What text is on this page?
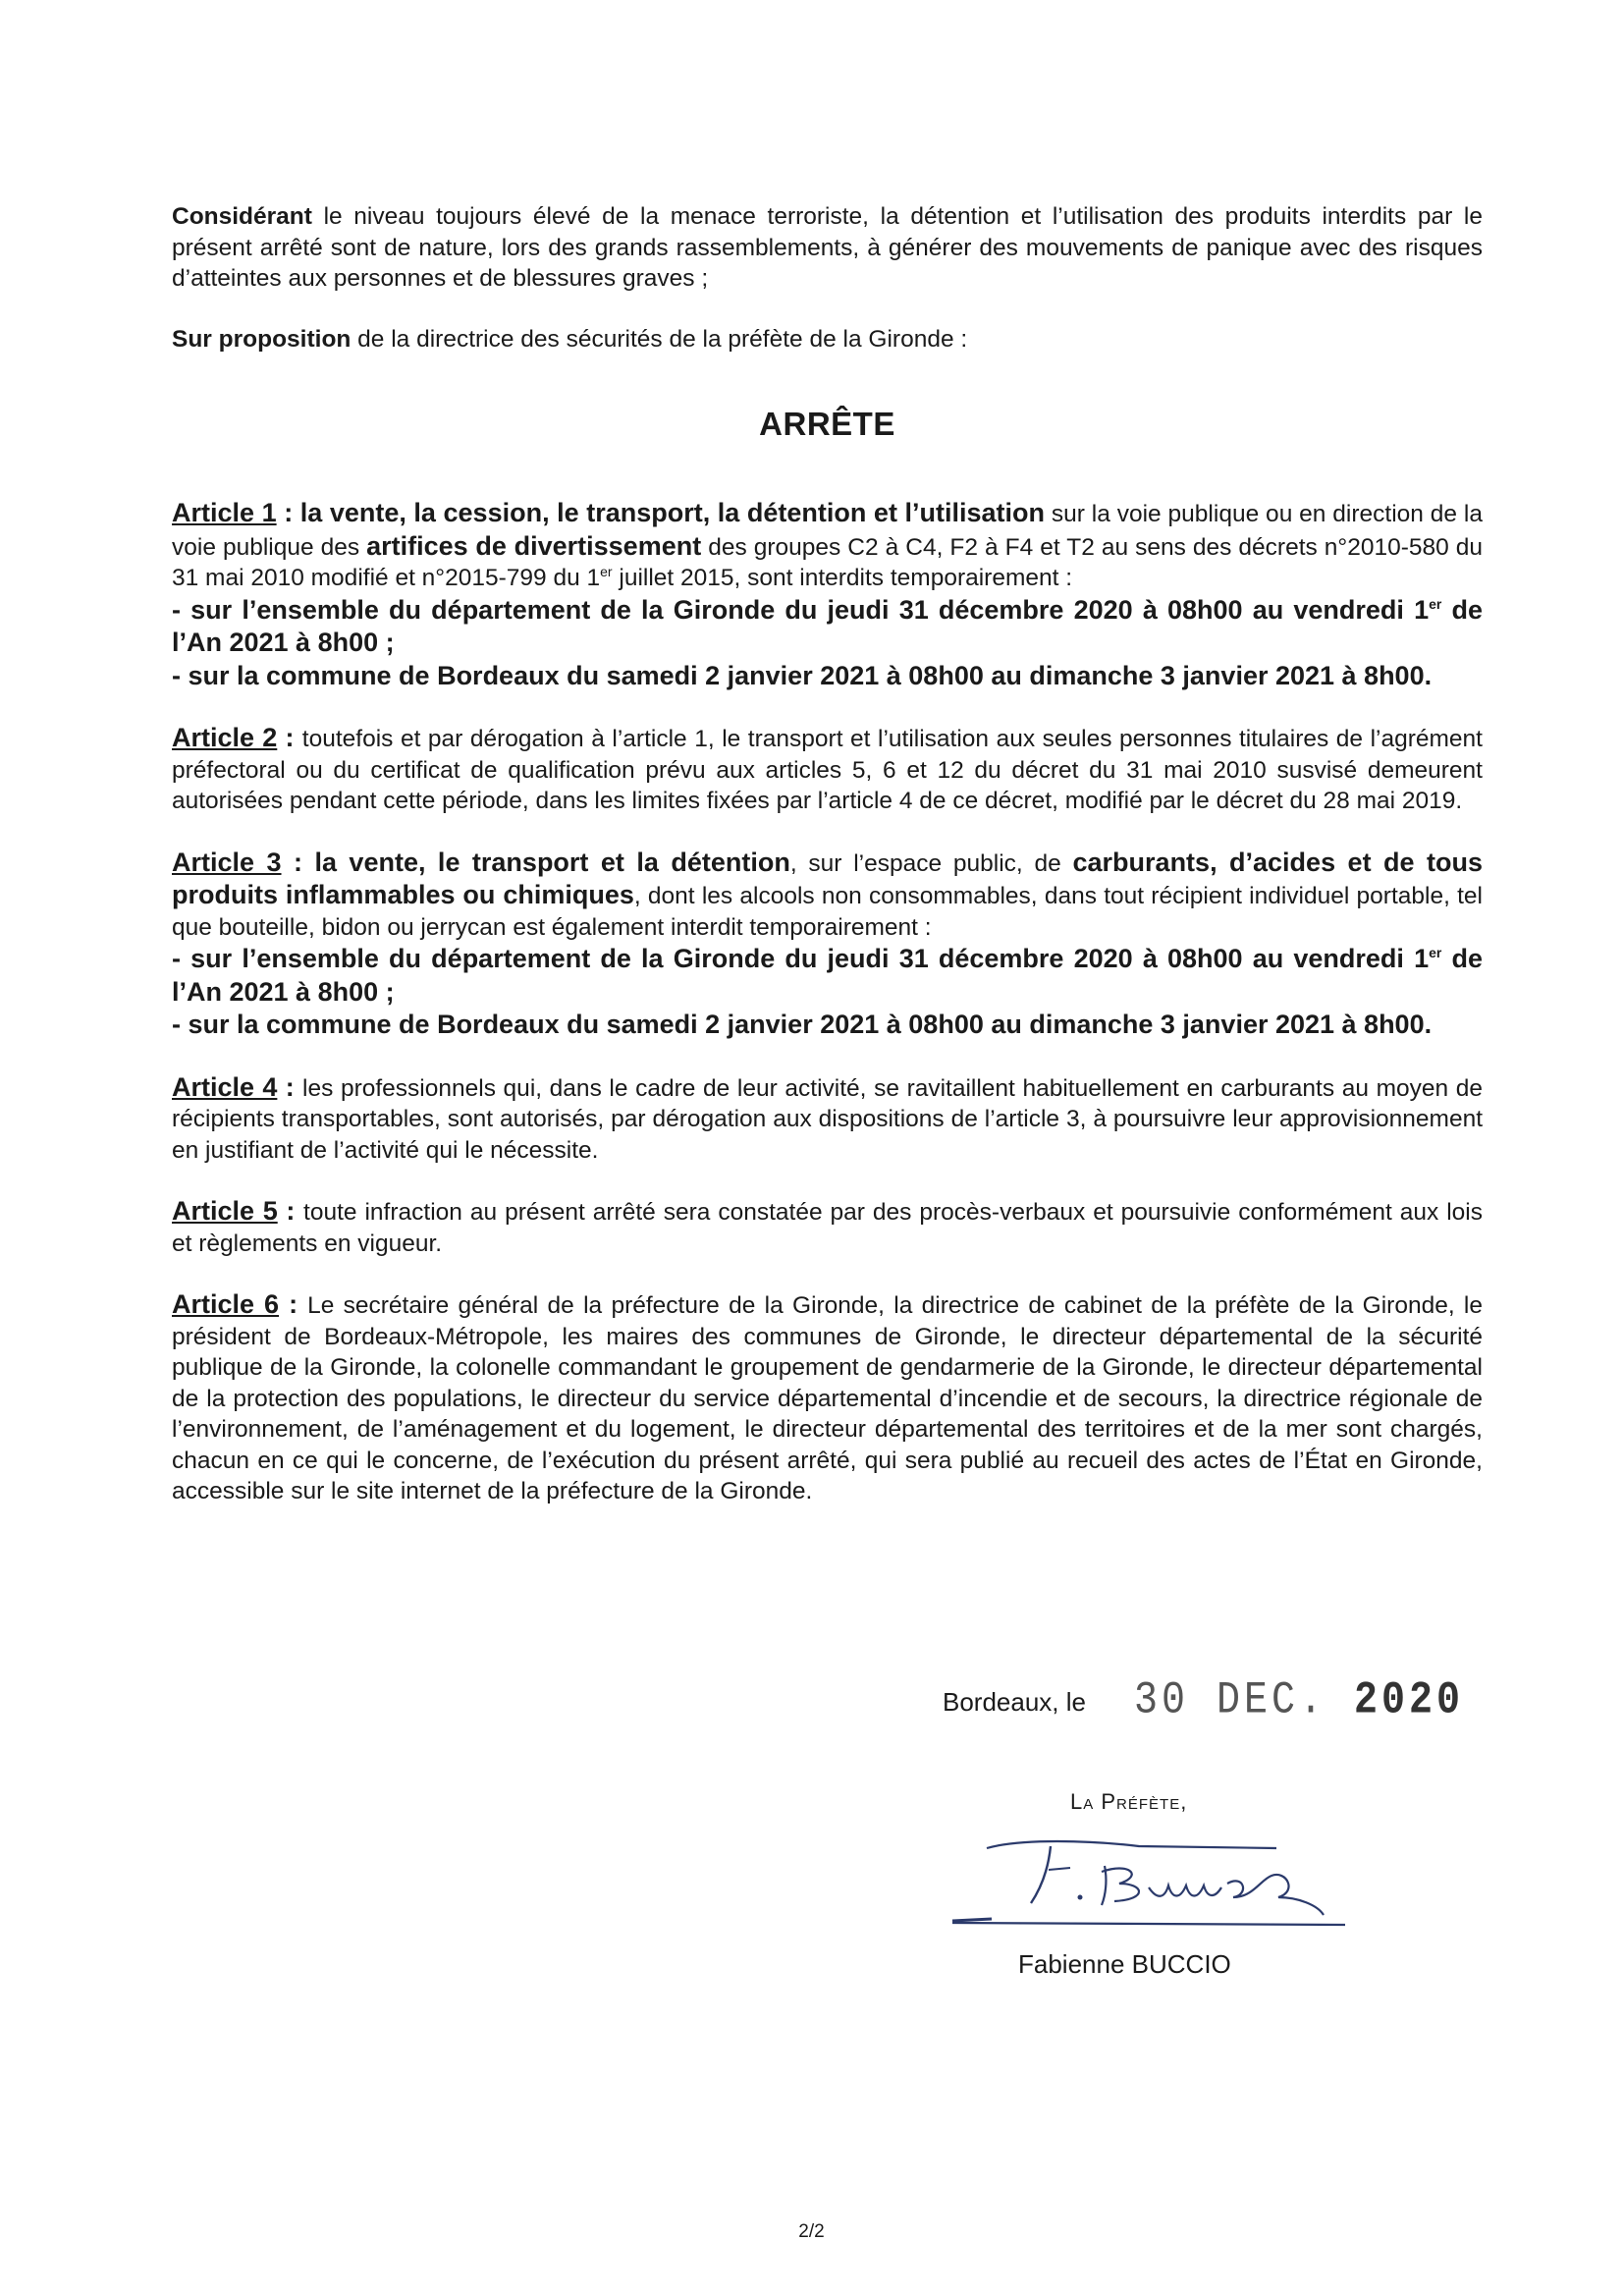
Considérant le niveau toujours élevé de la menace terroriste, la détention et l’utilisation des produits interdits par le présent arrêté sont de nature, lors des grands rassemblements, à générer des mouvements de panique avec des risques d’atteintes aux personnes et de blessures graves ;

Sur proposition de la directrice des sécurités de la préfète de la Gironde :

ARRÊTE
Article 1 : la vente, la cession, le transport, la détention et l’utilisation sur la voie publique ou en direction de la voie publique des artifices de divertissement des groupes C2 à C4, F2 à F4 et T2 au sens des décrets n°2010-580 du 31 mai 2010 modifié et n°2015-799 du 1er juillet 2015, sont interdits temporairement :
- sur l’ensemble du département de la Gironde du jeudi 31 décembre 2020 à 08h00 au vendredi 1er de l’An 2021 à 8h00 ;
- sur la commune de Bordeaux du samedi 2 janvier 2021 à 08h00 au dimanche 3 janvier 2021 à 8h00.

Article 2 : toutefois et par dérogation à l’article 1, le transport et l’utilisation aux seules personnes titulaires de l’agrément préfectoral ou du certificat de qualification prévu aux articles 5, 6 et 12 du décret du 31 mai 2010 susvisé demeurent autorisées pendant cette période, dans les limites fixées par l’article 4 de ce décret, modifié par le décret du 28 mai 2019.

Article 3 : la vente, le transport et la détention, sur l’espace public, de carburants, d’acides et de tous produits inflammables ou chimiques, dont les alcools non consommables, dans tout récipient individuel portable, tel que bouteille, bidon ou jerrycan est également interdit temporairement :
- sur l’ensemble du département de la Gironde du jeudi 31 décembre 2020 à 08h00 au vendredi 1er de l’An 2021 à 8h00 ;
- sur la commune de Bordeaux du samedi 2 janvier 2021 à 08h00 au dimanche 3 janvier 2021 à 8h00.

Article 4 : les professionnels qui, dans le cadre de leur activité, se ravitaillent habituellement en carburants au moyen de récipients transportables, sont autorisés, par dérogation aux dispositions de l’article 3, à poursuivre leur approvisionnement en justifiant de l’activité qui le nécessite.

Article 5 : toute infraction au présent arrêté sera constatée par des procès-verbaux et poursuivie conformément aux lois et règlements en vigueur.

Article 6 : Le secrétaire général de la préfecture de la Gironde, la directrice de cabinet de la préfète de la Gironde, le président de Bordeaux-Métropole, les maires des communes de Gironde, le directeur départemental de la sécurité publique de la Gironde, la colonelle commandant le groupement de gendarmerie de la Gironde, le directeur départemental de la protection des populations, le directeur du service départemental d’incendie et de secours, la directrice régionale de l’environnement, de l’aménagement et du logement, le directeur départemental des territoires et de la mer sont chargés, chacun en ce qui le concerne, de l’exécution du présent arrêté, qui sera publié au recueil des actes de l’État en Gironde, accessible sur le site internet de la préfecture de la Gironde.

Bordeaux, le 30 DEC. 2020
La Préfète,
F. Buccio
Fabienne BUCCIO
2/2
